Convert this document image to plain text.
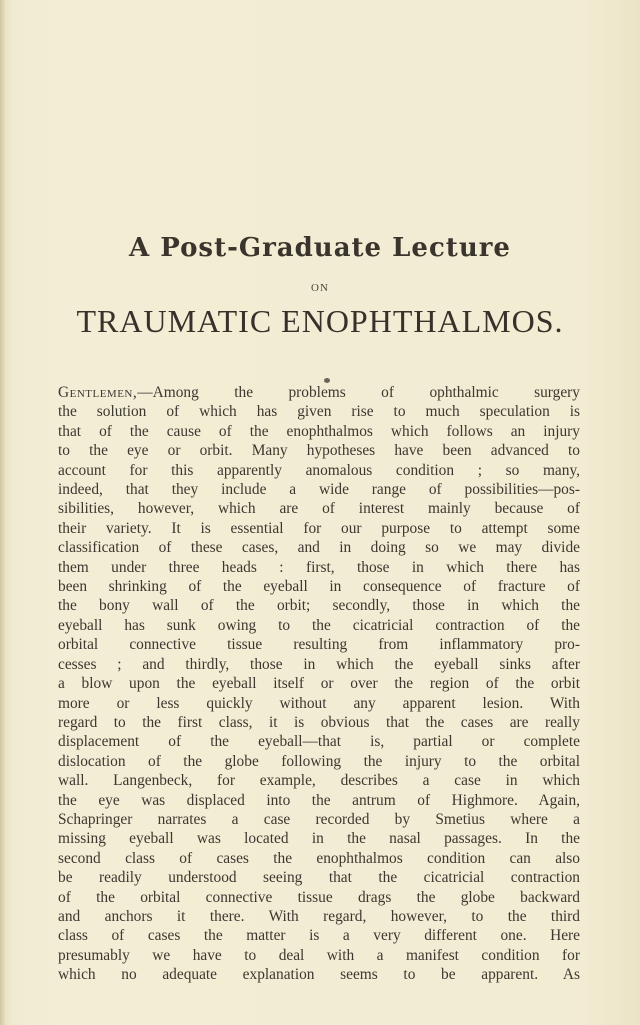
A Post-Graduate Lecture
ON
TRAUMATIC ENOPHTHALMOS.
Gentlemen,—Among the problems of ophthalmic surgery
the solution of which has given rise to much speculation is
that of the cause of the enophthalmos which follows an injury
to the eye or orbit. Many hypotheses have been advanced to
account for this apparently anomalous condition ; so many,
indeed, that they include a wide range of possibilities—pos-
sibilities, however, which are of interest mainly because of
their variety. It is essential for our purpose to attempt some
classification of these cases, and in doing so we may divide
them under three heads : first, those in which there has
been shrinking of the eyeball in consequence of fracture of
the bony wall of the orbit; secondly, those in which the
eyeball has sunk owing to the cicatricial contraction of the
orbital connective tissue resulting from inflammatory pro-
cesses ; and thirdly, those in which the eyeball sinks after
a blow upon the eyeball itself or over the region of the orbit
more or less quickly without any apparent lesion. With
regard to the first class, it is obvious that the cases are really
displacement of the eyeball—that is, partial or complete
dislocation of the globe following the injury to the orbital
wall. Langenbeck, for example, describes a case in which
the eye was displaced into the antrum of Highmore. Again,
Schapringer narrates a case recorded by Smetius where a
missing eyeball was located in the nasal passages. In the
second class of cases the enophthalmos condition can also
be readily understood seeing that the cicatricial contraction
of the orbital connective tissue drags the globe backward
and anchors it there. With regard, however, to the third
class of cases the matter is a very different one. Here
presumably we have to deal with a manifest condition for
which no adequate explanation seems to be apparent. As
